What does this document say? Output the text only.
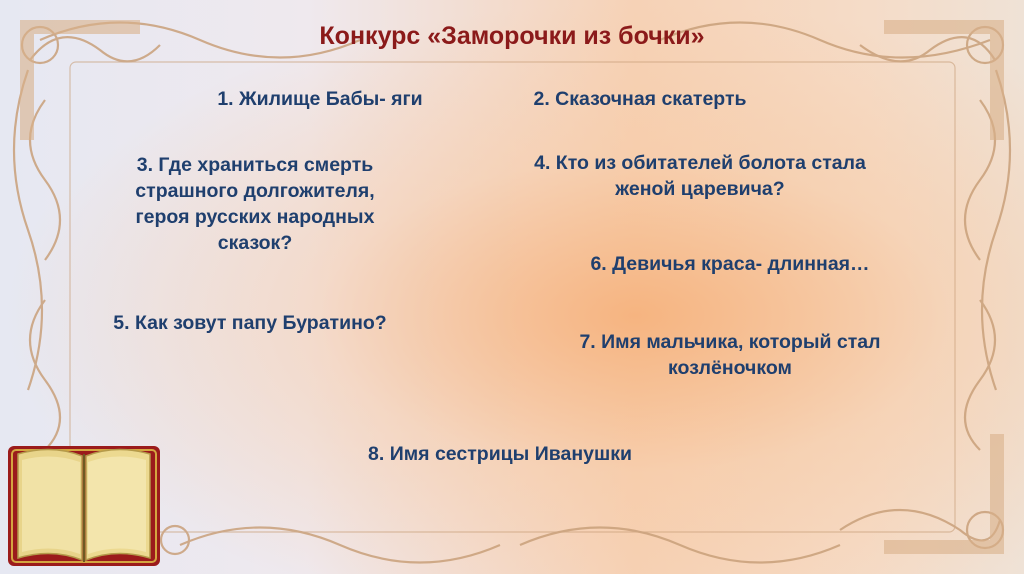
Конкурс «Заморочки из бочки»
1. Жилище Бабы- яги	2. Сказочная скатерть
3. Где храниться смерть
страшного долгожителя,
героя русских народных
сказок?
4. Кто из обитателей болота стала
женой царевича?
5. Как зовут папу Буратино?
6. Девичья краса- длинная…
7. Имя мальчика, который стал
козлёночком
8. Имя сестрицы Иванушки
